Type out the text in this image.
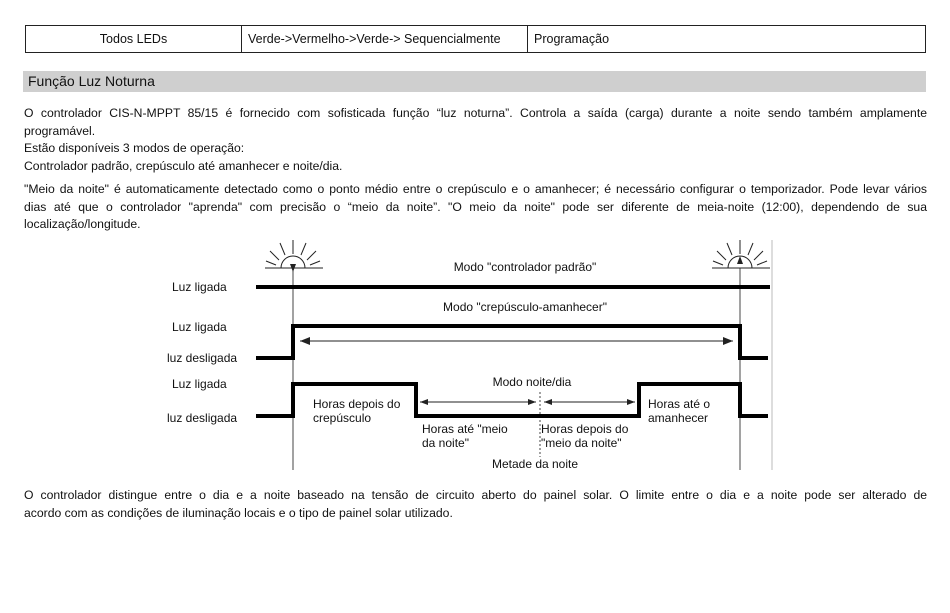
Todos LEDs	Verde->Vermelho->Verde-> Sequencialmente	Programação
Função Luz Noturna
O controlador CIS-N-MPPT 85/15 é fornecido com sofisticada função “luz noturna”. Controla a saída (carga) durante a noite sendo também amplamente
programável.
Estão disponíveis 3 modos de operação:
Controlador padrão, crepúsculo até amanhecer e noite/dia.
"Meio da noite" é automaticamente detectado como o ponto médio entre o crepúsculo e o amanhecer; é necessário configurar o temporizador. Pode levar vários
dias até que o controlador "aprenda" com precisão o “meio da noite”. "O meio da noite" pode ser diferente de meia-noite (12:00), dependendo de sua
localização/longitude.
Modo "controlador padrão"
Luz ligada
Modo "crepúsculo-amanhecer"
Luz ligada
luz desligada
Modo noite/dia
Luz ligada
luz desligada
Horas depois do
crepúsculo
Horas até "meio
da noite"
Horas depois do
"meio da noite"
Horas até o
amanhecer
Metade da noite
O controlador distingue entre o dia e a noite baseado na tensão de circuito aberto do painel solar. O limite entre o dia e a noite pode ser alterado de
acordo com as condições de iluminação locais e o tipo de painel solar utilizado.
